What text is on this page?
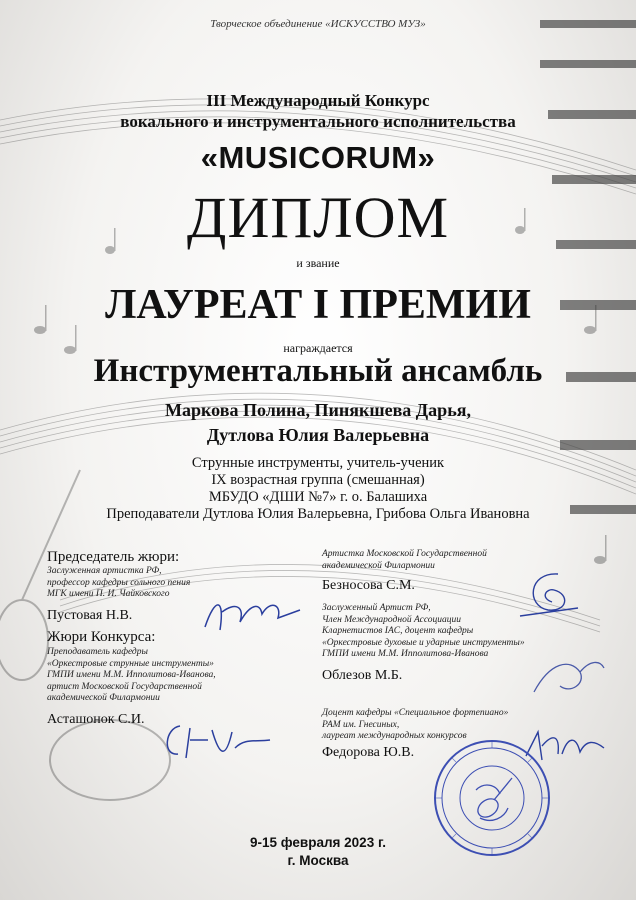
Творческое объединение «ИСКУССТВО МУЗ»
III Международный Конкурс
вокального и инструментального исполнительства
«MUSICORUM»
ДИПЛОМ
и звание
ЛАУРЕАТ I ПРЕМИИ
награждается
Инструментальный ансамбль
Маркова Полина, Пинякшева Дарья,
Дутлова Юлия Валерьевна
Струнные инструменты, учитель-ученик
IX возрастная группа (смешанная)
МБУДО «ДШИ №7» г. о. Балашиха
Преподаватели Дутлова Юлия Валерьевна, Грибова Ольга Ивановна
Председатель жюри:
Заслуженная артистка РФ,
профессор кафедры сольного пения
МГК имени П. И. Чайковского
Пустовая Н.В.
Жюри Конкурса:
Преподаватель кафедры
«Оркестровые струнные инструменты»
ГМПИ имени М.М. Ипполитова-Иванова,
артист Московской Государственной
академической Филармонии
Асташонок С.И.
Артистка Московской Государственной
академической Филармонии
Безносова С.М.
Заслуженный Артист РФ,
Член Международной Ассоциации
Кларнетистов IAC, доцент кафедры
«Оркестровые духовые и ударные инструменты»
ГМПИ имени М.М. Ипполитова-Иванова
Облезов М.Б.
Доцент кафедры «Специальное фортепиано»
РАМ им. Гнесиных,
лауреат международных конкурсов
Федорова Ю.В.
9-15 февраля 2023 г.
г. Москва
